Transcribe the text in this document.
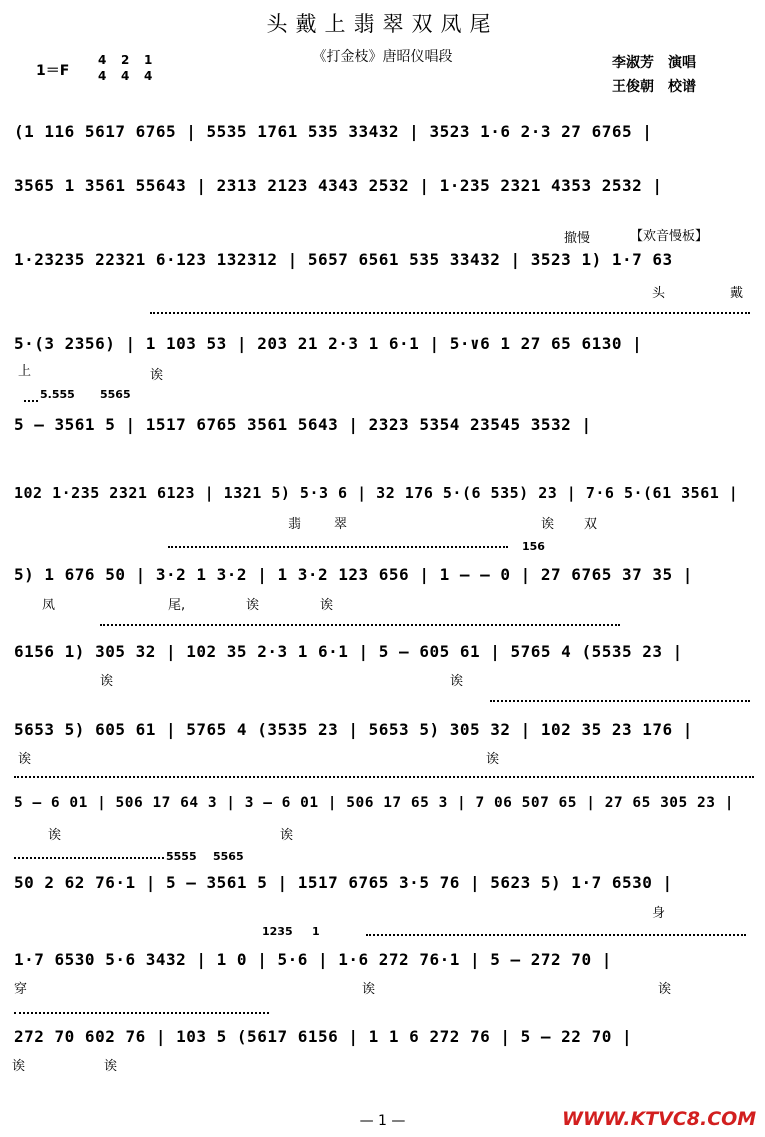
头戴上翡翠双凤尾
《打金枝》唐昭仪唱段
1＝F
4
4
2
4
1
4
李淑芳　演唱
王俊朝　校谱
(1 116 5617 6765 | 5535 1761 535 33432 | 3523 1·6 2·3 27 6765 |
3565 1 3561 55643 | 2313 2123 4343 2532 | 1·235 2321 4353 2532 |
1·23235 22321 6·123 132312 | 5657 6561 535 33432 | 3523 1) 1·7 63
5·(3 2356) | 1 103 53 | 203 21 2·3 1 6·1 | 5·∨6 1 27 65 6130 |
5 – 3561 5 | 1517 6765 3561 5643 | 2323 5354 23545 3532 |
102 1·235 2321 6123 | 1321 5) 5·3 6 | 32 176 5·(6 535) 23 | 7·6 5·(61 3561 |
5) 1 676 50 | 3·2 1 3·2 | 1 3·2 123 656 | 1 – – 0 | 27 6765 37 35 |
6156 1) 305 32 | 102 35 2·3 1 6·1 | 5 – 605 61 | 5765 4 (5535 23 |
5653 5) 605 61 | 5765 4 (3535 23 | 5653 5) 305 32 | 102 35 23 176 |
5 – 6 01 | 506 17 64 3 | 3 – 6 01 | 506 17 65 3 | 7 06 507 65 | 27 65 305 23 |
50 2 62 76·1 | 5 – 3561 5 | 1517 6765 3·5 76 | 5623 5) 1·7 6530 |
1·7 6530 5·6 3432 | 1 0 | 5·6 | 1·6 272 76·1 | 5 – 272 70 |
272 70 602 76 | 103 5 (5617 6156 | 1 1 6 272 76 | 5 – 22 70 |
5.555 5565
156
1235 1
5555 5565
撤慢	【欢音慢板】
头	戴
上	诶
翡	翠	诶 双
凤	尾,	诶	诶
诶	诶
诶	诶
诶	诶
身
穿	诶	诶
诶	诶
— 1 —	WWW.KTVC8.COM
